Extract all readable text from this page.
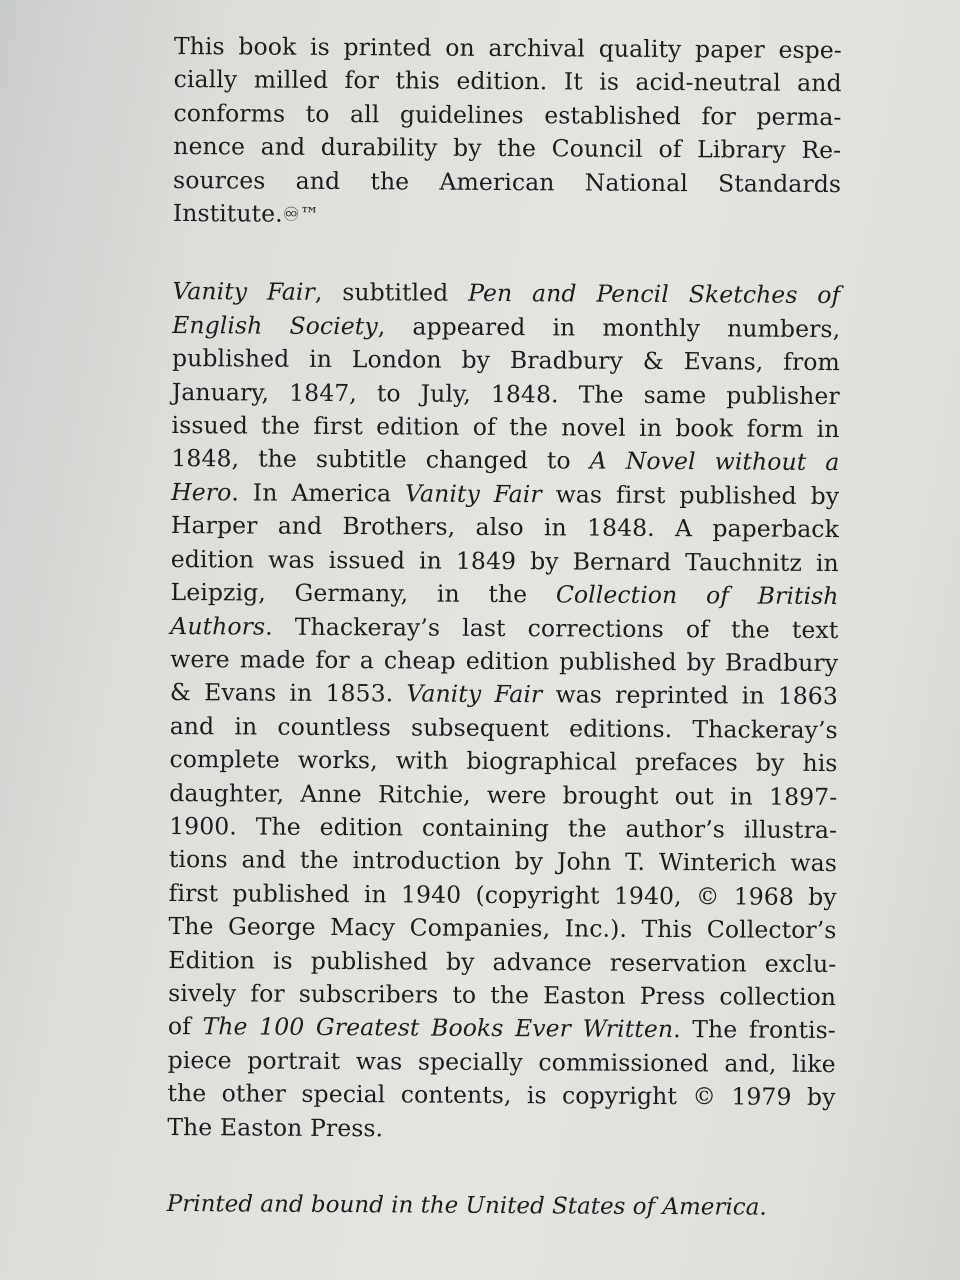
This book is printed on archival quality paper espe-
cially milled for this edition. It is acid-neutral and
conforms to all guidelines established for perma-
nence and durability by the Council of Library Re-
sources and the American National Standards
Institute.♾™

Vanity Fair, subtitled Pen and Pencil Sketches of
English Society, appeared in monthly numbers,
published in London by Bradbury & Evans, from
January, 1847, to July, 1848. The same publisher
issued the first edition of the novel in book form in
1848, the subtitle changed to A Novel without a
Hero. In America Vanity Fair was first published by
Harper and Brothers, also in 1848. A paperback
edition was issued in 1849 by Bernard Tauchnitz in
Leipzig, Germany, in the Collection of British
Authors. Thackeray’s last corrections of the text
were made for a cheap edition published by Bradbury
& Evans in 1853. Vanity Fair was reprinted in 1863
and in countless subsequent editions. Thackeray’s
complete works, with biographical prefaces by his
daughter, Anne Ritchie, were brought out in 1897-
1900. The edition containing the author’s illustra-
tions and the introduction by John T. Winterich was
first published in 1940 (copyright 1940, © 1968 by
The George Macy Companies, Inc.). This Collector’s
Edition is published by advance reservation exclu-
sively for subscribers to the Easton Press collection
of The 100 Greatest Books Ever Written. The frontis-
piece portrait was specially commissioned and, like
the other special contents, is copyright © 1979 by
The Easton Press.

Printed and bound in the United States of America.
